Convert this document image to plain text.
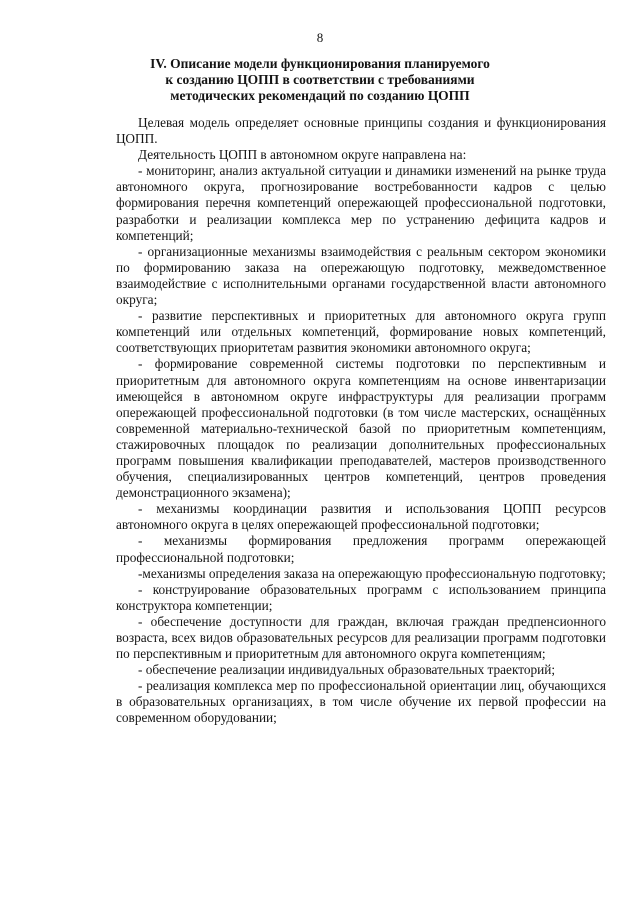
8
IV. Описание модели функционирования планируемого
к созданию ЦОПП в соответствии с требованиями
методических рекомендаций по созданию ЦОПП

Целевая модель определяет основные принципы создания и функционирования ЦОПП.

Деятельность ЦОПП в автономном округе направлена на:

- мониторинг, анализ актуальной ситуации и динамики изменений на рынке труда автономного округа, прогнозирование востребованности кадров с целью формирования перечня компетенций опережающей профессиональной подготовки, разработки и реализации комплекса мер по устранению дефицита кадров и компетенций;

- организационные механизмы взаимодействия с реальным сектором экономики по формированию заказа на опережающую подготовку, межведомственное взаимодействие с исполнительными органами государственной власти автономного округа;

- развитие перспективных и приоритетных для автономного округа групп компетенций или отдельных компетенций, формирование новых компетенций, соответствующих приоритетам развития экономики автономного округа;

- формирование современной системы подготовки по перспективным и приоритетным для автономного округа компетенциям на основе инвентаризации имеющейся в автономном округе инфраструктуры для реализации программ опережающей профессиональной подготовки (в том числе мастерских, оснащённых современной материально-технической базой по приоритетным компетенциям, стажировочных площадок по реализации дополнительных профессиональных программ повышения квалификации преподавателей, мастеров производственного обучения, специализированных центров компетенций, центров проведения демонстрационного экзамена);

- механизмы координации развития и использования ЦОПП ресурсов автономного округа в целях опережающей профессиональной подготовки;

- механизмы формирования предложения программ опережающей профессиональной подготовки;

-механизмы определения заказа на опережающую профессиональную подготовку;

- конструирование образовательных программ с использованием принципа конструктора компетенции;

- обеспечение доступности для граждан, включая граждан предпенсионного возраста, всех видов образовательных ресурсов для реализации программ подготовки по перспективным и приоритетным для автономного округа компетенциям;

- обеспечение реализации индивидуальных образовательных траекторий;

- реализация комплекса мер по профессиональной ориентации лиц, обучающихся в образовательных организациях, в том числе обучение их первой профессии на современном оборудовании;
